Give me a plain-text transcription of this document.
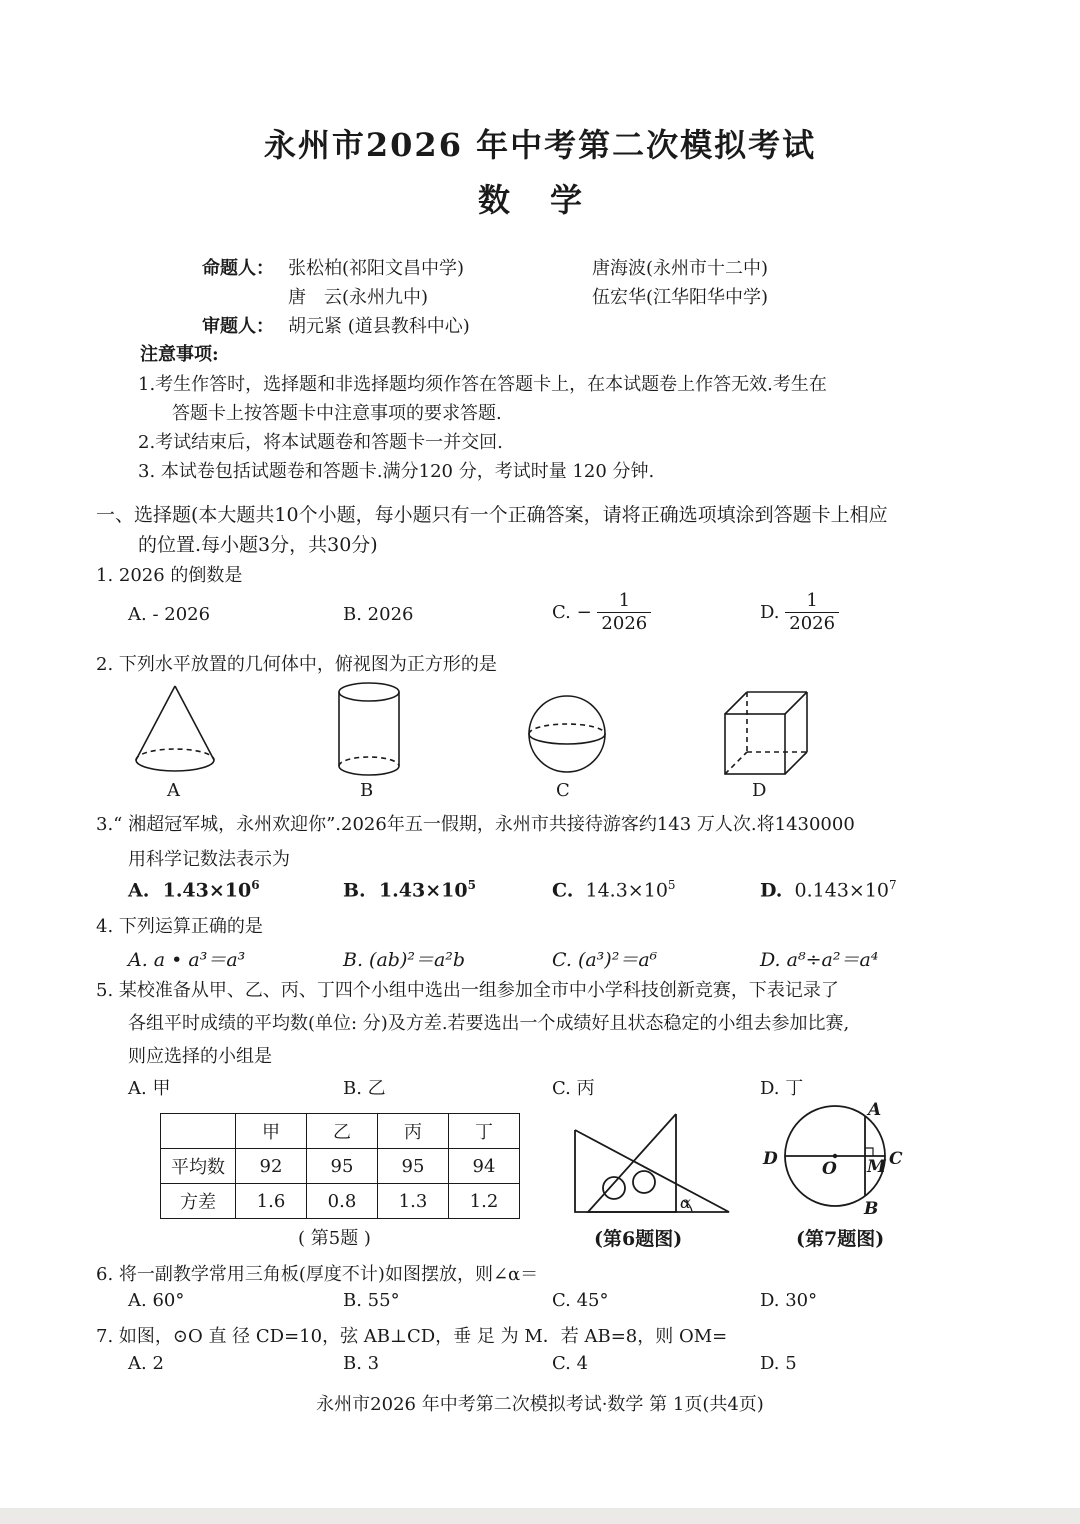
永州市2026 年中考第二次模拟考试
数学
命题人： 张松柏(祁阳文昌中学)	唐海波(永州市十二中)
唐　云(永州九中)	伍宏华(江华阳华中学)
审题人： 胡元紧 (道县教科中心)
注意事项:
1.考生作答时，选择题和非选择题均须作答在答题卡上，在本试题卷上作答无效.考生在
答题卡上按答题卡中注意事项的要求答题.
2.考试结束后，将本试题卷和答题卡一并交回.
3. 本试卷包括试题卷和答题卡.满分120 分，考试时量 120 分钟.
一、选择题(本大题共10个小题，每小题只有一个正确答案，请将正确选项填涂到答题卡上相应
的位置.每小题3分，共30分)
1. 2026 的倒数是
A. - 2026	B. 2026	C. − $\frac{1}{2026}$	D. $\frac{1}{2026}$
2. 下列水平放置的几何体中，俯视图为正方形的是
A	B	C	D
3.“ 湘超冠军城，永州欢迎你”.2026年五一假期，永州市共接待游客约143 万人次.将1430000
用科学记数法表示为
A. $1.43\times 10^6$	B. $1.43\times 10^5$	C. $14.3\times 10^5$	D. $0.143\times 10^7$
4. 下列运算正确的是
A. a • a³＝a³	B. (ab)²＝a²b	C. (a³)²＝a⁶	D. a⁸÷a²＝a⁴
5. 某校准备从甲、乙、丙、丁四个小组中选出一组参加全市中小学科技创新竞赛，下表记录了
各组平时成绩的平均数(单位: 分)及方差.若要选出一个成绩好且状态稳定的小组去参加比赛,
则应选择的小组是
A. 甲	B. 乙	C. 丙	D. 丁
	甲	乙	丙	丁
平均数	92	95	95	94
方差	1.6	0.8	1.3	1.2
( 第5题 )
α
(第6题图)
A
B
C
D	O M
(第7题图)
6. 将一副教学常用三角板(厚度不计)如图摆放，则∠α＝
A. 60°	B. 55°	C. 45°	D. 30°
7. 如图，⊙O 直 径 CD=10，弦 AB⊥CD，垂 足 为 M．若 AB=8，则 OM=
A. 2	B. 3	C. 4	D. 5
永州市2026 年中考第二次模拟考试·数学 第 1页(共4页)
